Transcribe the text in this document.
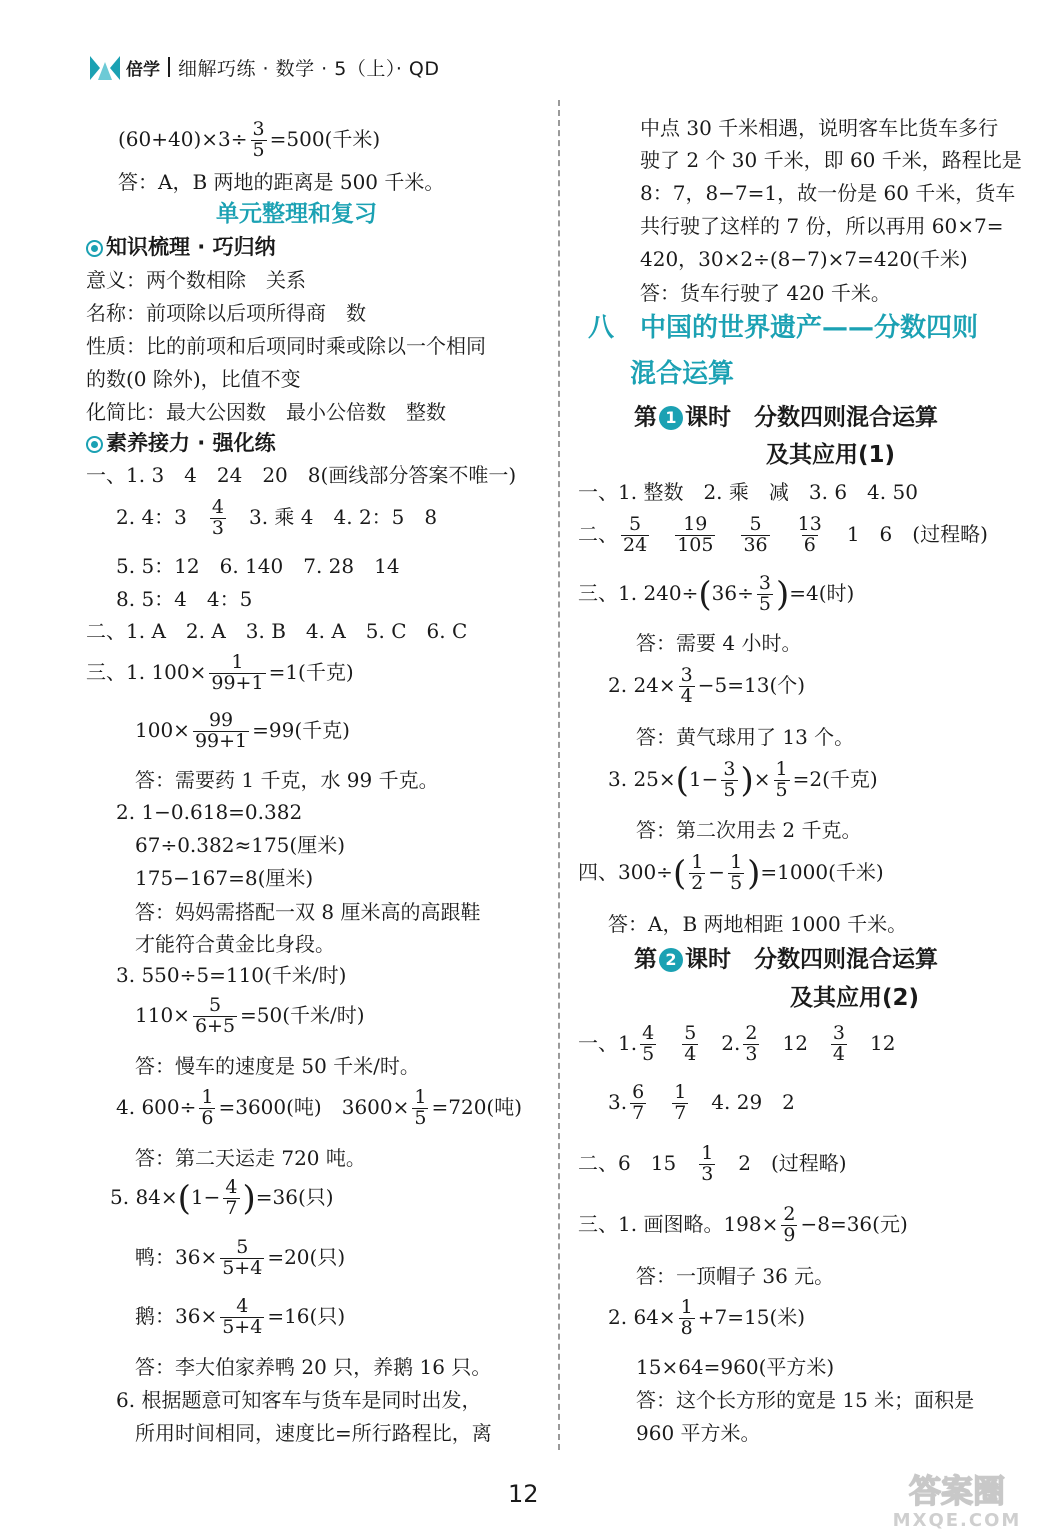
倍学 细解巧练 · 数学 · 5（上）· QD
$(60+40)\times 3\div \frac{3}{5} =500$(千米)
答：A，B 两地的距离是 500 千米。
单元整理和复习
知识梳理 · 巧归纳
意义：两个数相除　关系
名称：前项除以后项所得商　数
性质：比的前项和后项同时乘或除以一个相同
的数(0 除外)，比值不变
化简比：最大公因数　最小公倍数　整数
素养接力 · 强化练
一、1. 3　4　24　20　8(画线部分答案不唯一)
2. 4：3　 $\frac{4}{3}$
　 3. 乘 4　4. 2：5　8
5. 5：12　6. 140　7. 28　14
8. 5：4　4：5
二、1. A　2. A　3. B　4. A　5. C　6. C
三、1. $100\times \frac{1}{99+1} =1$(千克)
$100\times \frac{99}{99+1} =99$(千克)
答：需要药 1 千克，水 99 千克。
2. 1−0.618=0.382
67÷0.382≈175(厘米)
175−167=8(厘米)
答：妈妈需搭配一双 8 厘米高的高跟鞋
才能符合黄金比身段。
3. 550÷5=110(千米/时)
$110\times \frac{5}{6+5} =50$(千米/时)
答：慢车的速度是 50 千米/时。
4. $600\div \frac{1}{6} =3600$(吨)　$3600\times \frac{1}{5} =720$(吨)
答：第二天运走 720 吨。
5. $84\times(1- \frac{4}{7} )=36$(只)
鸭：$36\times \frac{5}{5+4} =20$(只)
鹅：$36\times \frac{4}{5+4} =16$(只)
答：李大伯家养鸭 20 只，养鹅 16 只。
6. 根据题意可知客车与货车是同时出发，
所用时间相同，速度比=所行路程比，离
中点 30 千米相遇，说明客车比货车多行
驶了 2 个 30 千米，即 60 千米，路程比是
8：7，8−7=1，故一份是 60 千米，货车
共行驶了这样的 7 份，所以再用 60×7=
420，30×2÷(8−7)×7=420(千米)
答：货车行驶了 420 千米。
八　中国的世界遗产——分数四则
混合运算
第 1 课时　分数四则混合运算
及其应用(1)
一、1. 整数　2. 乘　减　3. 6　4. 50
二、 $\frac{5}{24}$
　 $\frac{19}{105}$
　 $\frac{5}{36}$
　 $\frac{13}{6}$
　 1　6　(过程略)
三、1. $240\div(36\div \frac{3}{5} )=4$(时)
答：需要 4 小时。
2. $24\times \frac{3}{4} -5=13$(个)
答：黄气球用了 13 个。
3. $25\times(1- \frac{3}{5}$ )× $\frac{1}{5} =2$(千克)
答：第二次用去 2 千克。
四、$300\div( \frac{1}{2} - \frac{1}{5} )=1000$(千米)
答：A，B 两地相距 1000 千米。
第 2 课时　分数四则混合运算
及其应用(2)
一、1. $\frac{4}{5}$
　 $\frac{5}{4}$
　 2. $\frac{2}{3}$
　 12　 $\frac{3}{4}$
　 12
3. $\frac{6}{7}$
　 $\frac{1}{7}$
　 4. 29　2
二、6　15　 $\frac{1}{3}$
　 2　(过程略)
三、1. 画图略。$198\times \frac{2}{9} -8=36$(元)
答：一顶帽子 36 元。
2. $64\times \frac{1}{8} +7=15$(米)
15×64=960(平方米)
答：这个长方形的宽是 15 米；面积是
960 平方米。
12	答案圈
MXQE.COM
